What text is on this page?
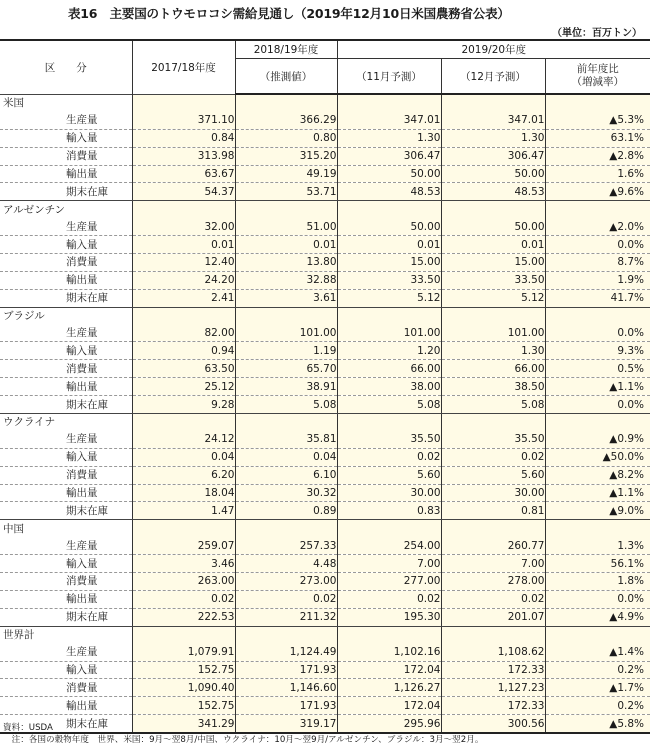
表16　主要国のトウモロコシ需給見通し（2019年12月10日米国農務省公表）
（単位：百万トン）
区　　分	2017/18年度	2018/19年度	2019/20年度		
		（推測値）	（11月予測）	（12月予測）	前年度比
（増減率）
米国					
生産量	371.10	366.29	347.01	347.01	▲5.3%
輸入量	0.84	0.80	1.30	1.30	63.1%
消費量	313.98	315.20	306.47	306.47	▲2.8%
輸出量	63.67	49.19	50.00	50.00	1.6%
期末在庫	54.37	53.71	48.53	48.53	▲9.6%
アルゼンチン					
生産量	32.00	51.00	50.00	50.00	▲2.0%
輸入量	0.01	0.01	0.01	0.01	0.0%
消費量	12.40	13.80	15.00	15.00	8.7%
輸出量	24.20	32.88	33.50	33.50	1.9%
期末在庫	2.41	3.61	5.12	5.12	41.7%
ブラジル					
生産量	82.00	101.00	101.00	101.00	0.0%
輸入量	0.94	1.19	1.20	1.30	9.3%
消費量	63.50	65.70	66.00	66.00	0.5%
輸出量	25.12	38.91	38.00	38.50	▲1.1%
期末在庫	9.28	5.08	5.08	5.08	0.0%
ウクライナ					
生産量	24.12	35.81	35.50	35.50	▲0.9%
輸入量	0.04	0.04	0.02	0.02	▲50.0%
消費量	6.20	6.10	5.60	5.60	▲8.2%
輸出量	18.04	30.32	30.00	30.00	▲1.1%
期末在庫	1.47	0.89	0.83	0.81	▲9.0%
中国					
生産量	259.07	257.33	254.00	260.77	1.3%
輸入量	3.46	4.48	7.00	7.00	56.1%
消費量	263.00	273.00	277.00	278.00	1.8%
輸出量	0.02	0.02	0.02	0.02	0.0%
期末在庫	222.53	211.32	195.30	201.07	▲4.9%
世界計					
生産量	1,079.91	1,124.49	1,102.16	1,108.62	▲1.4%
輸入量	152.75	171.93	172.04	172.33	0.2%
消費量	1,090.40	1,146.60	1,126.27	1,127.23	▲1.7%
輸出量	152.75	171.93	172.04	172.33	0.2%
期末在庫	341.29	319.17	295.96	300.56	▲5.8%
資料：USDA
　注：各国の穀物年度　世界、米国：9月～翌8月/中国、ウクライナ：10月～翌9月/アルゼンチン、ブラジル：3月～翌2月。
